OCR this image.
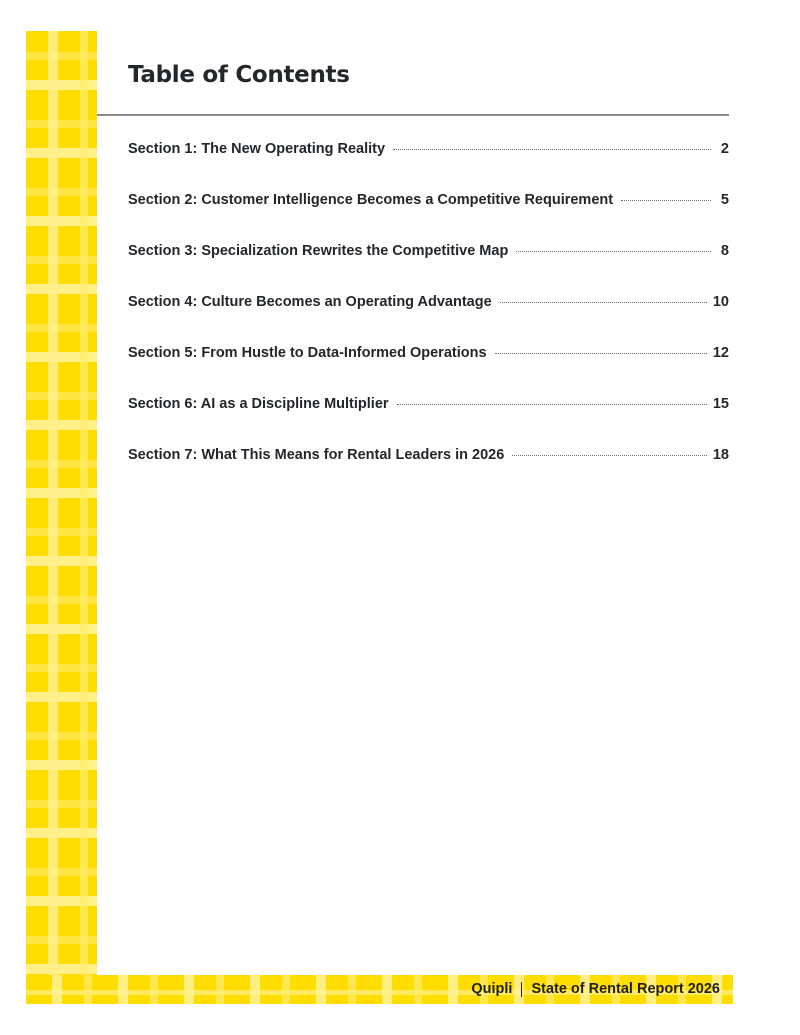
Table of Contents
Section 1: The New Operating Reality	2
Section 2: Customer Intelligence Becomes a Competitive Requirement	5
Section 3: Specialization Rewrites the Competitive Map	8
Section 4: Culture Becomes an Operating Advantage	10
Section 5: From Hustle to Data-Informed Operations	12
Section 6: AI as a Discipline Multiplier	15
Section 7: What This Means for Rental Leaders in 2026	18
Quipli State of Rental Report 2026
